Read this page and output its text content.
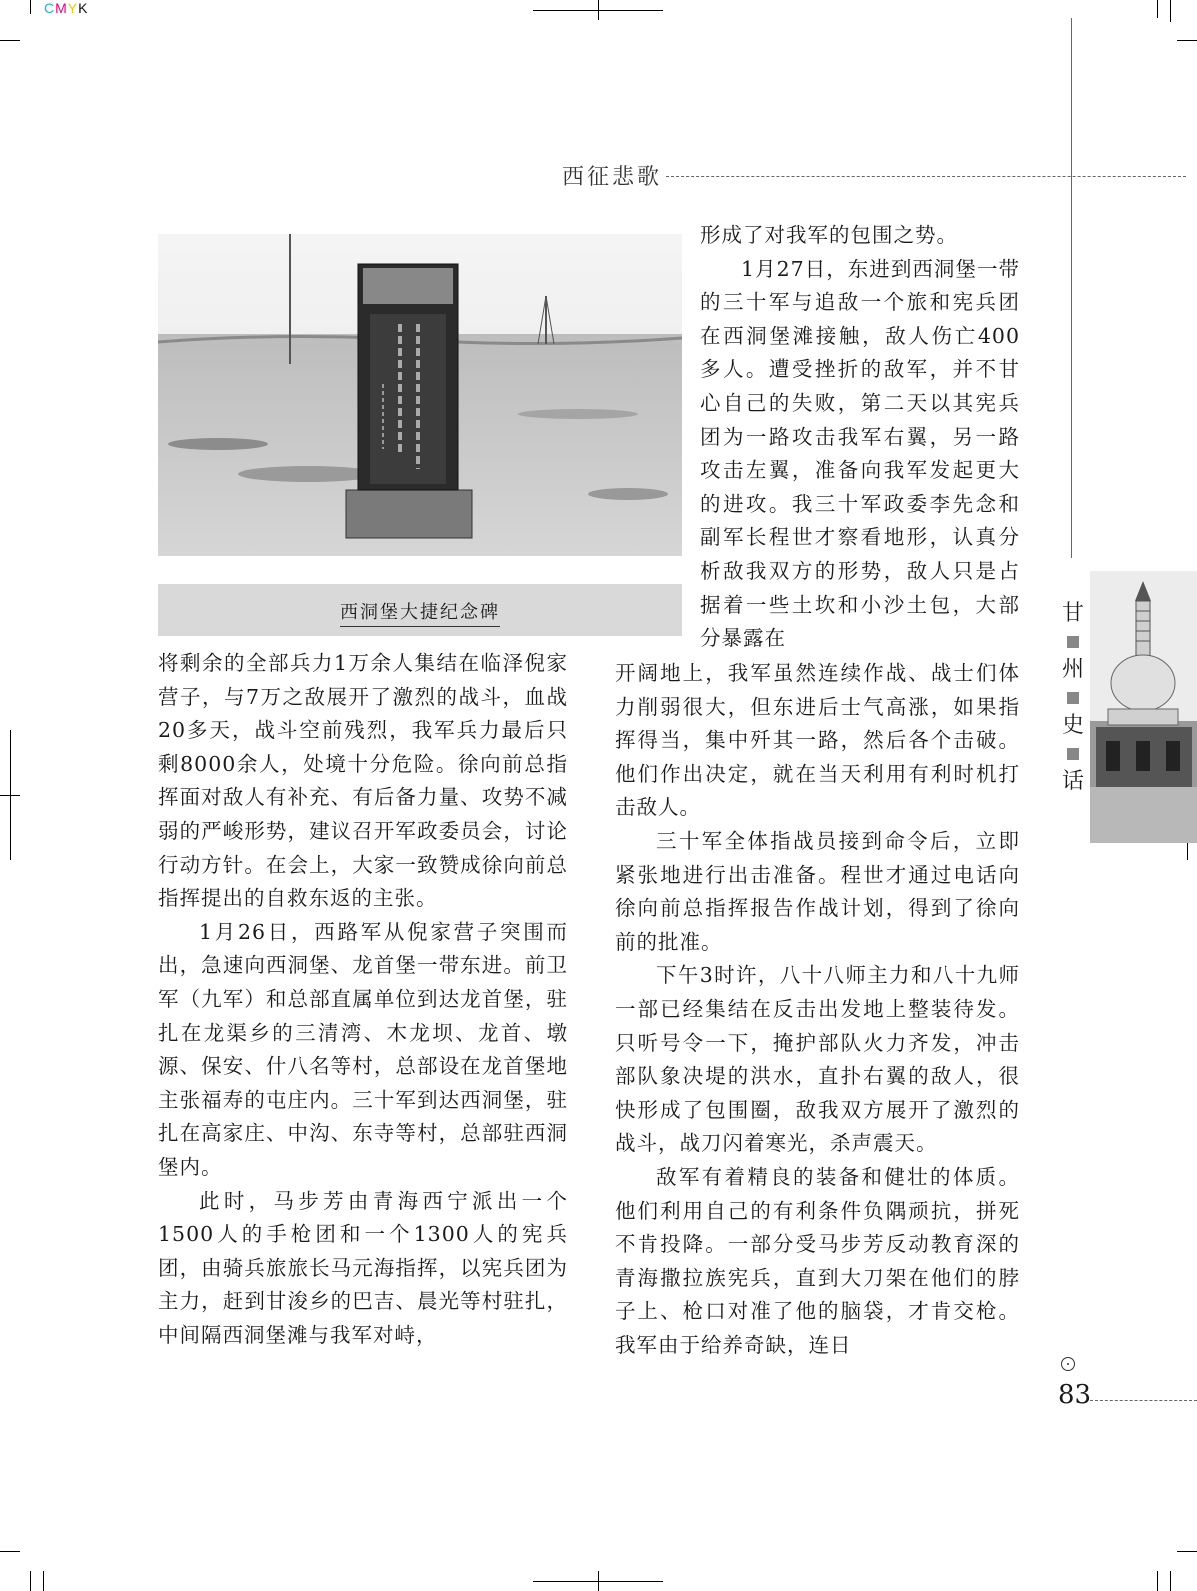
CMYK
西征悲歌
西洞堡大捷纪念碑

将剩余的全部兵力1万余人集结在临泽倪家营子，与7万之敌展开了激烈的战斗，血战20多天，战斗空前残烈，我军兵力最后只剩8000余人，处境十分危险。徐向前总指挥面对敌人有补充、有后备力量、攻势不减弱的严峻形势，建议召开军政委员会，讨论行动方针。在会上，大家一致赞成徐向前总指挥提出的自救东返的主张。

1月26日，西路军从倪家营子突围而出，急速向西洞堡、龙首堡一带东进。前卫军（九军）和总部直属单位到达龙首堡，驻扎在龙渠乡的三清湾、木龙坝、龙首、墩源、保安、什八名等村，总部设在龙首堡地主张福寿的屯庄内。三十军到达西洞堡，驻扎在高家庄、中沟、东寺等村，总部驻西洞堡内。

此时，马步芳由青海西宁派出一个1500人的手枪团和一个1300人的宪兵团，由骑兵旅旅长马元海指挥，以宪兵团为主力，赶到甘浚乡的巴吉、晨光等村驻扎，中间隔西洞堡滩与我军对峙，

形成了对我军的包围之势。

1月27日，东进到西洞堡一带的三十军与追敌一个旅和宪兵团在西洞堡滩接触，敌人伤亡400多人。遭受挫折的敌军，并不甘心自己的失败，第二天以其宪兵团为一路攻击我军右翼，另一路攻击左翼，准备向我军发起更大的进攻。我三十军政委李先念和副军长程世才察看地形，认真分析敌我双方的形势，敌人只是占据着一些土坎和小沙土包，大部分暴露在

开阔地上，我军虽然连续作战、战士们体力削弱很大，但东进后士气高涨，如果指挥得当，集中歼其一路，然后各个击破。他们作出决定，就在当天利用有利时机打击敌人。

三十军全体指战员接到命令后，立即紧张地进行出击准备。程世才通过电话向徐向前总指挥报告作战计划，得到了徐向前的批准。

下午3时许，八十八师主力和八十九师一部已经集结在反击出发地上整装待发。只听号令一下，掩护部队火力齐发，冲击部队象决堤的洪水，直扑右翼的敌人，很快形成了包围圈，敌我双方展开了激烈的战斗，战刀闪着寒光，杀声震天。

敌军有着精良的装备和健壮的体质。他们利用自己的有利条件负隅顽抗，拼死不肯投降。一部分受马步芳反动教育深的青海撒拉族宪兵，直到大刀架在他们的脖子上、枪口对准了他的脑袋，才肯交枪。我军由于给养奇缺，连日

甘
州
史
话
83
